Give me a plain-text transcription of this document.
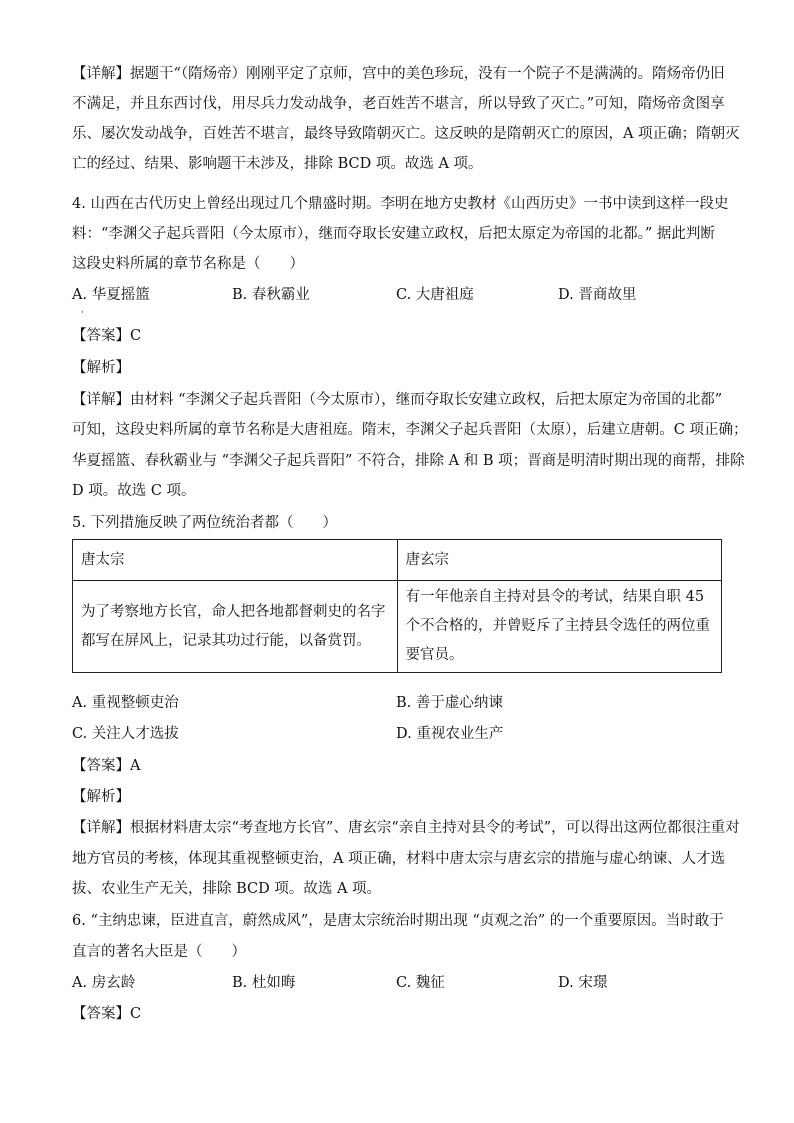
【详解】据题干“（隋炀帝）刚刚平定了京师，宫中的美色珍玩，没有一个院子不是满满的。隋炀帝仍旧
不满足，并且东西讨伐，用尽兵力发动战争，老百姓苦不堪言，所以导致了灭亡。”可知，隋炀帝贪图享
乐、屡次发动战争，百姓苦不堪言，最终导致隋朝灭亡。这反映的是隋朝灭亡的原因，A 项正确；隋朝灭
亡的经过、结果、影响题干未涉及，排除 BCD 项。故选 A 项。
4. 山西在古代历史上曾经出现过几个鼎盛时期。李明在地方史教材《山西历史》一书中读到这样一段史
料：“李渊父子起兵晋阳（今太原市），继而夺取长安建立政权，后把太原定为帝国的北都。” 据此判断
这段史料所属的章节名称是（　　）
A. 华夏摇篮	B. 春秋霸业	C. 大唐祖庭	D. 晋商故里
·
【答案】C
【解析】
【详解】由材料 “李渊父子起兵晋阳（今太原市），继而夺取长安建立政权，后把太原定为帝国的北都”
可知，这段史料所属的章节名称是大唐祖庭。隋末，李渊父子起兵晋阳（太原），后建立唐朝。C 项正确；
华夏摇篮、春秋霸业与 “李渊父子起兵晋阳” 不符合，排除 A 和 B 项；晋商是明清时期出现的商帮，排除
D 项。故选 C 项。
5. 下列措施反映了两位统治者都（　　）
唐太宗	唐玄宗
为了考察地方长官，命人把各地都督刺史的名字都写在屏风上，记录其功过行能，以备赏罚。	有一年他亲自主持对县令的考试，结果自职 45 个不合格的，并曾贬斥了主持县令选任的两位重要官员。
A. 重视整顿吏治	B. 善于虚心纳谏
C. 关注人才选拔	D. 重视农业生产
【答案】A
【解析】
【详解】根据材料唐太宗“考查地方长官”、唐玄宗“亲自主持对县令的考试”，可以得出这两位都很注重对
地方官员的考核，体现其重视整顿吏治，A 项正确，材料中唐太宗与唐玄宗的措施与虚心纳谏、人才选
拔、农业生产无关，排除 BCD 项。故选 A 项。
6. “主纳忠谏，臣进直言，蔚然成风”，是唐太宗统治时期出现 “贞观之治” 的一个重要原因。当时敢于
直言的著名大臣是（　　）
A. 房玄龄	B. 杜如晦	C. 魏征	D. 宋璟
【答案】C
